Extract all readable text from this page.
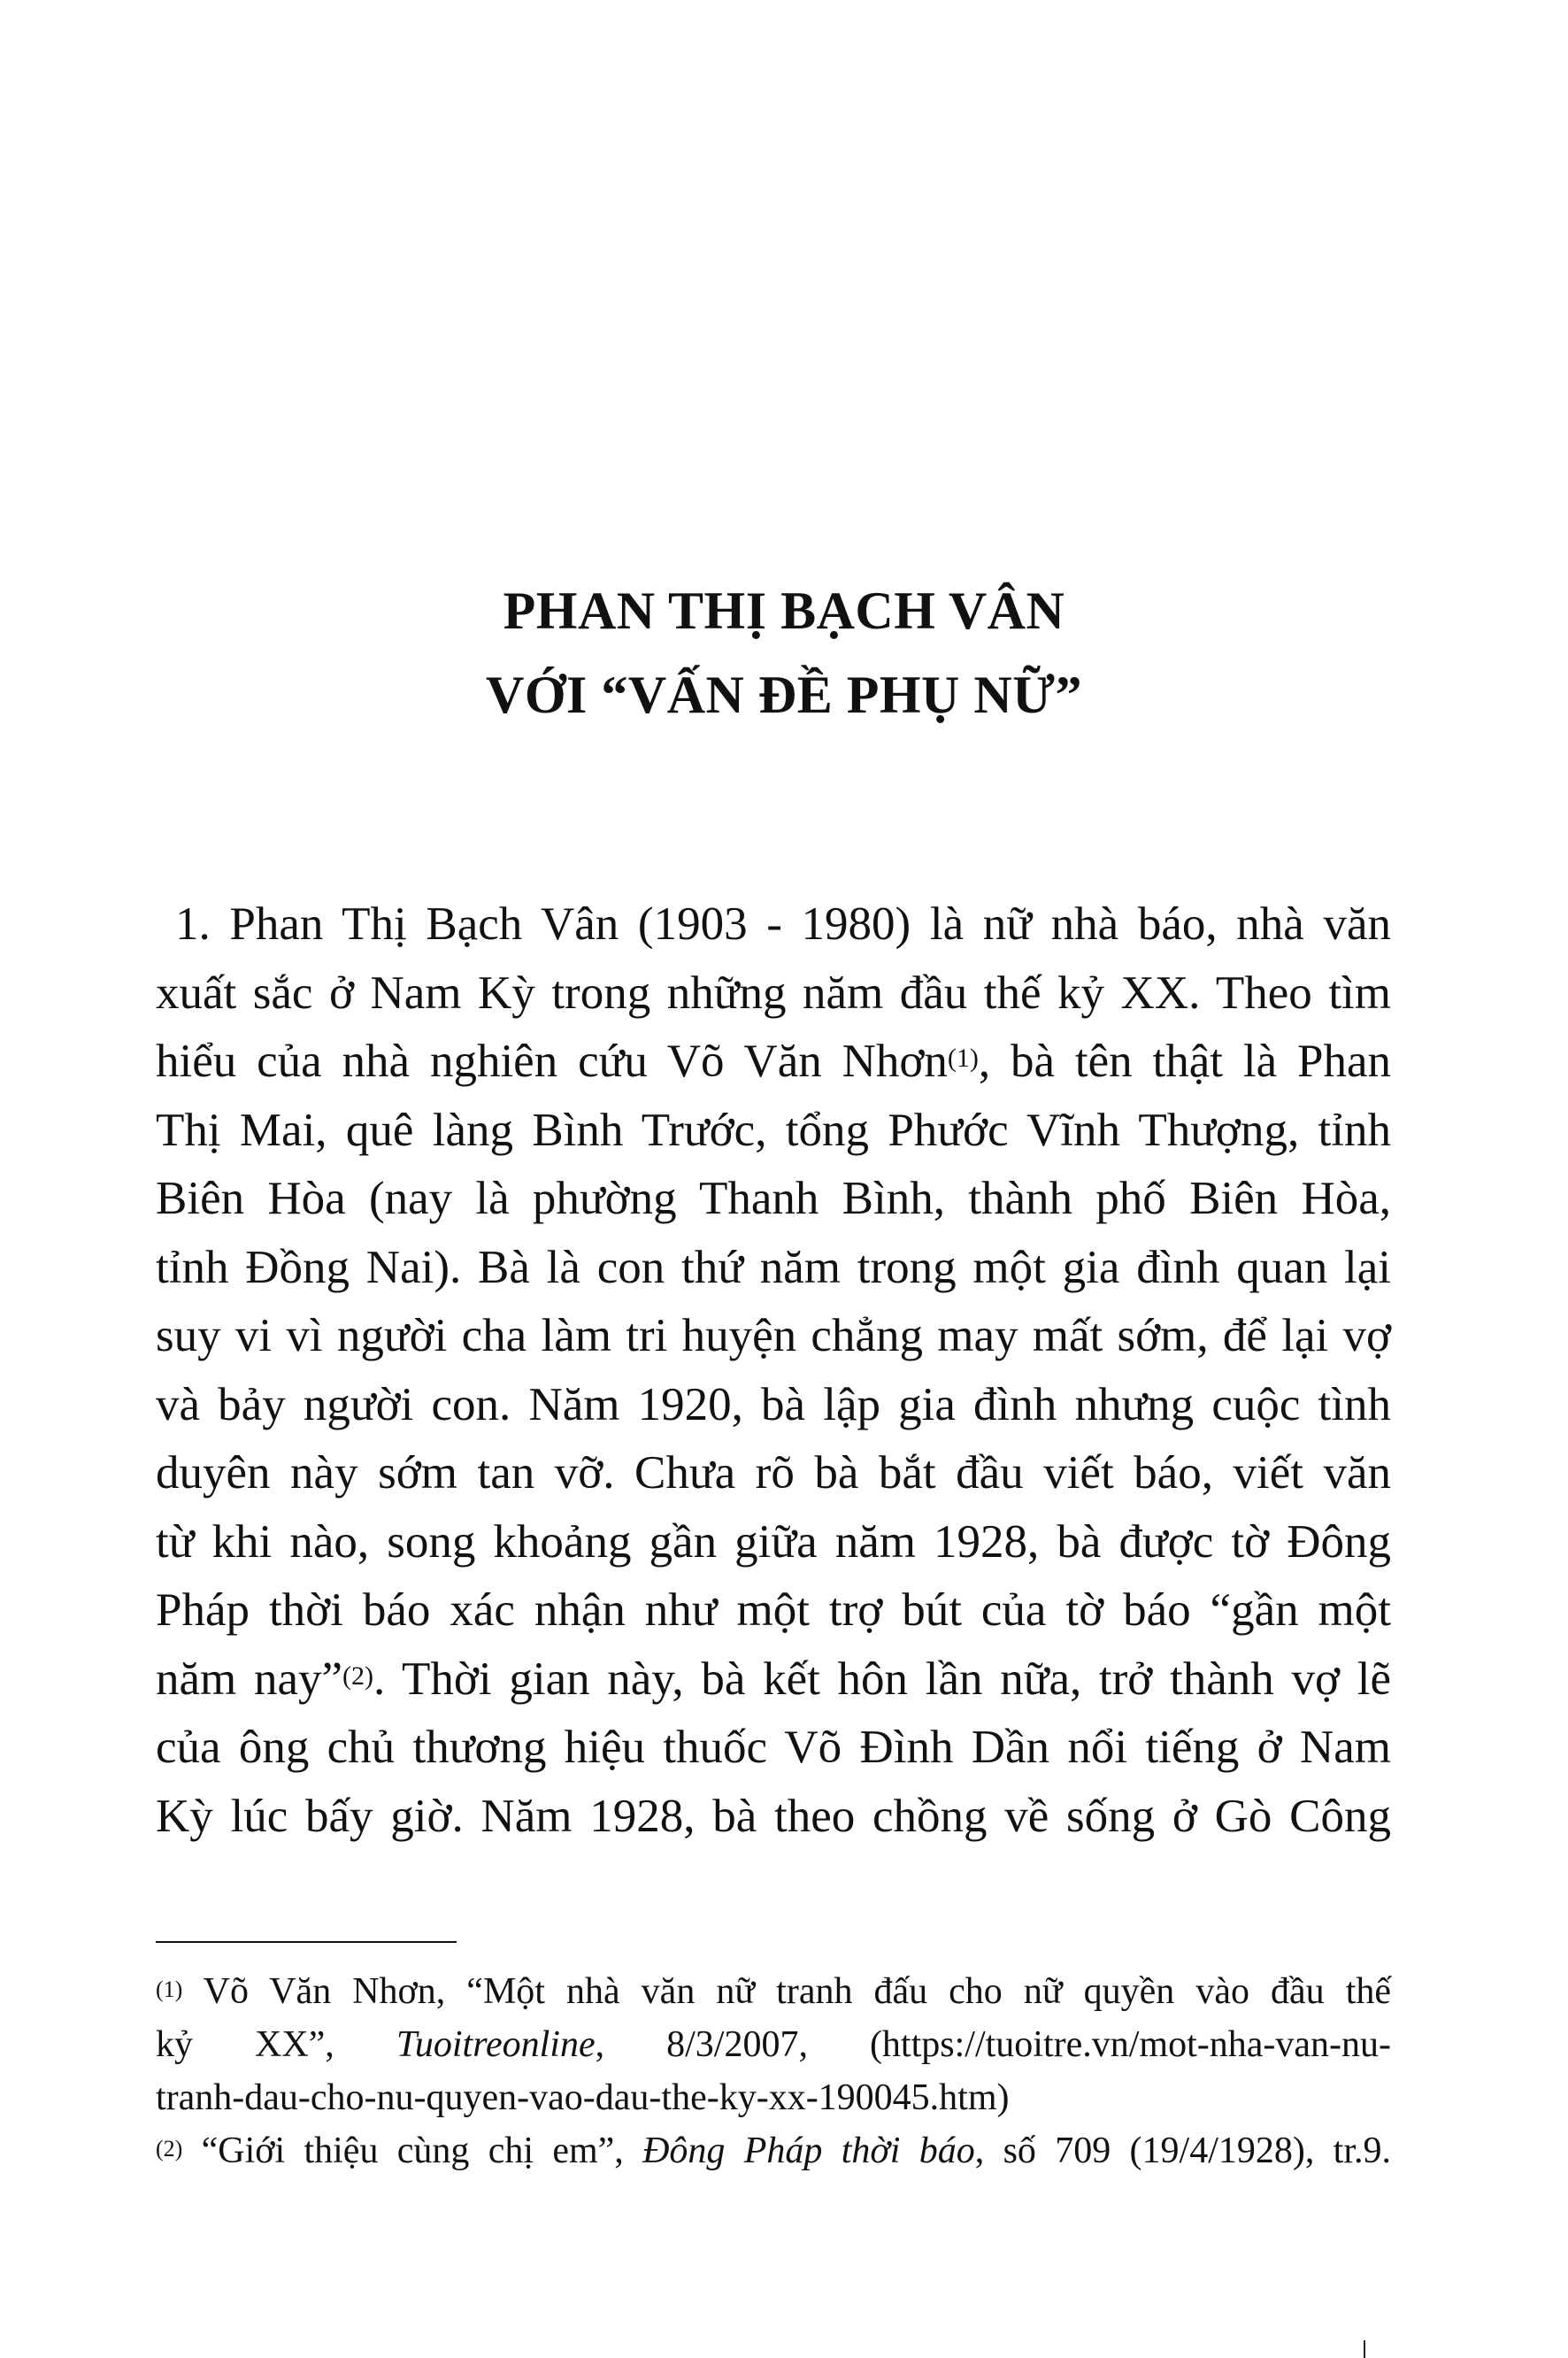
PHAN THỊ BẠCH VÂN
VỚI “VẤN ĐỀ PHỤ NỮ”
1. Phan Thị Bạch Vân (1903 - 1980) là nữ nhà báo, nhà văn
xuất sắc ở Nam Kỳ trong những năm đầu thế kỷ XX. Theo tìm
hiểu của nhà nghiên cứu Võ Văn Nhơn$^{(1)}$, bà tên thật là Phan
Thị Mai, quê làng Bình Trước, tổng Phước Vĩnh Thượng, tỉnh
Biên Hòa (nay là phường Thanh Bình, thành phố Biên Hòa,
tỉnh Đồng Nai). Bà là con thứ năm trong một gia đình quan lại
suy vi vì người cha làm tri huyện chẳng may mất sớm, để lại vợ
và bảy người con. Năm 1920, bà lập gia đình nhưng cuộc tình
duyên này sớm tan vỡ. Chưa rõ bà bắt đầu viết báo, viết văn
từ khi nào, song khoảng gần giữa năm 1928, bà được tờ Đông
Pháp thời báo xác nhận như một trợ bút của tờ báo “gần một
năm nay”$^{(2)}$. Thời gian này, bà kết hôn lần nữa, trở thành vợ lẽ
của ông chủ thương hiệu thuốc Võ Đình Dần nổi tiếng ở Nam
Kỳ lúc bấy giờ. Năm 1928, bà theo chồng về sống ở Gò Công
$^{(1)}$ Võ Văn Nhơn, “Một nhà văn nữ tranh đấu cho nữ quyền vào đầu thế
kỷ XX”, Tuoitreonline, 8/3/2007, (https://tuoitre.vn/mot-nha-van-nu-
tranh-dau-cho-nu-quyen-vao-dau-the-ky-xx-190045.htm)
$^{(2)}$ “Giới thiệu cùng chị em”, Đông Pháp thời báo, số 709 (19/4/1928), tr.9.
